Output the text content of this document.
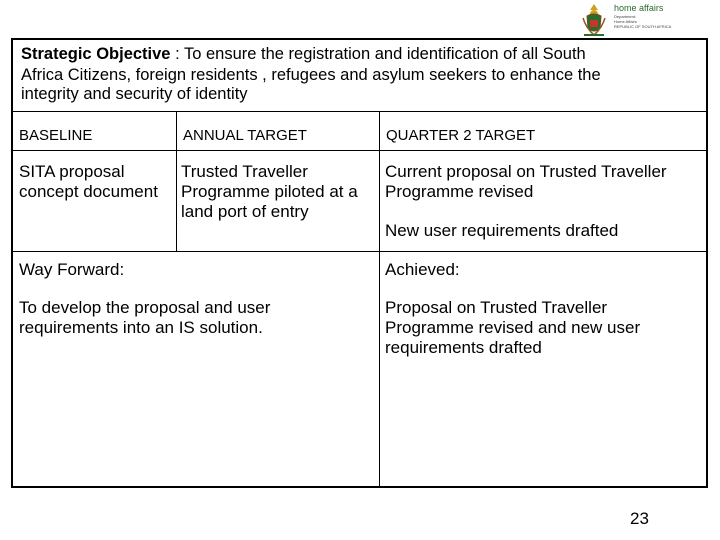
home affairs
Department:
Home Affairs
REPUBLIC OF SOUTH AFRICA
Strategic Objective : To ensure the registration and identification of all South
Africa Citizens, foreign residents , refugees and asylum seekers to enhance the
integrity and security of identity
BASELINE	ANNUAL TARGET	QUARTER 2 TARGET
SITA proposal
concept document
Trusted Traveller
Programme piloted at a
land port of entry
Current proposal on Trusted Traveller
Programme revised
New user requirements drafted
Way Forward:
To develop the proposal and user
requirements into an IS solution.
Achieved:
Proposal on Trusted Traveller
Programme revised and new user
requirements drafted
23
